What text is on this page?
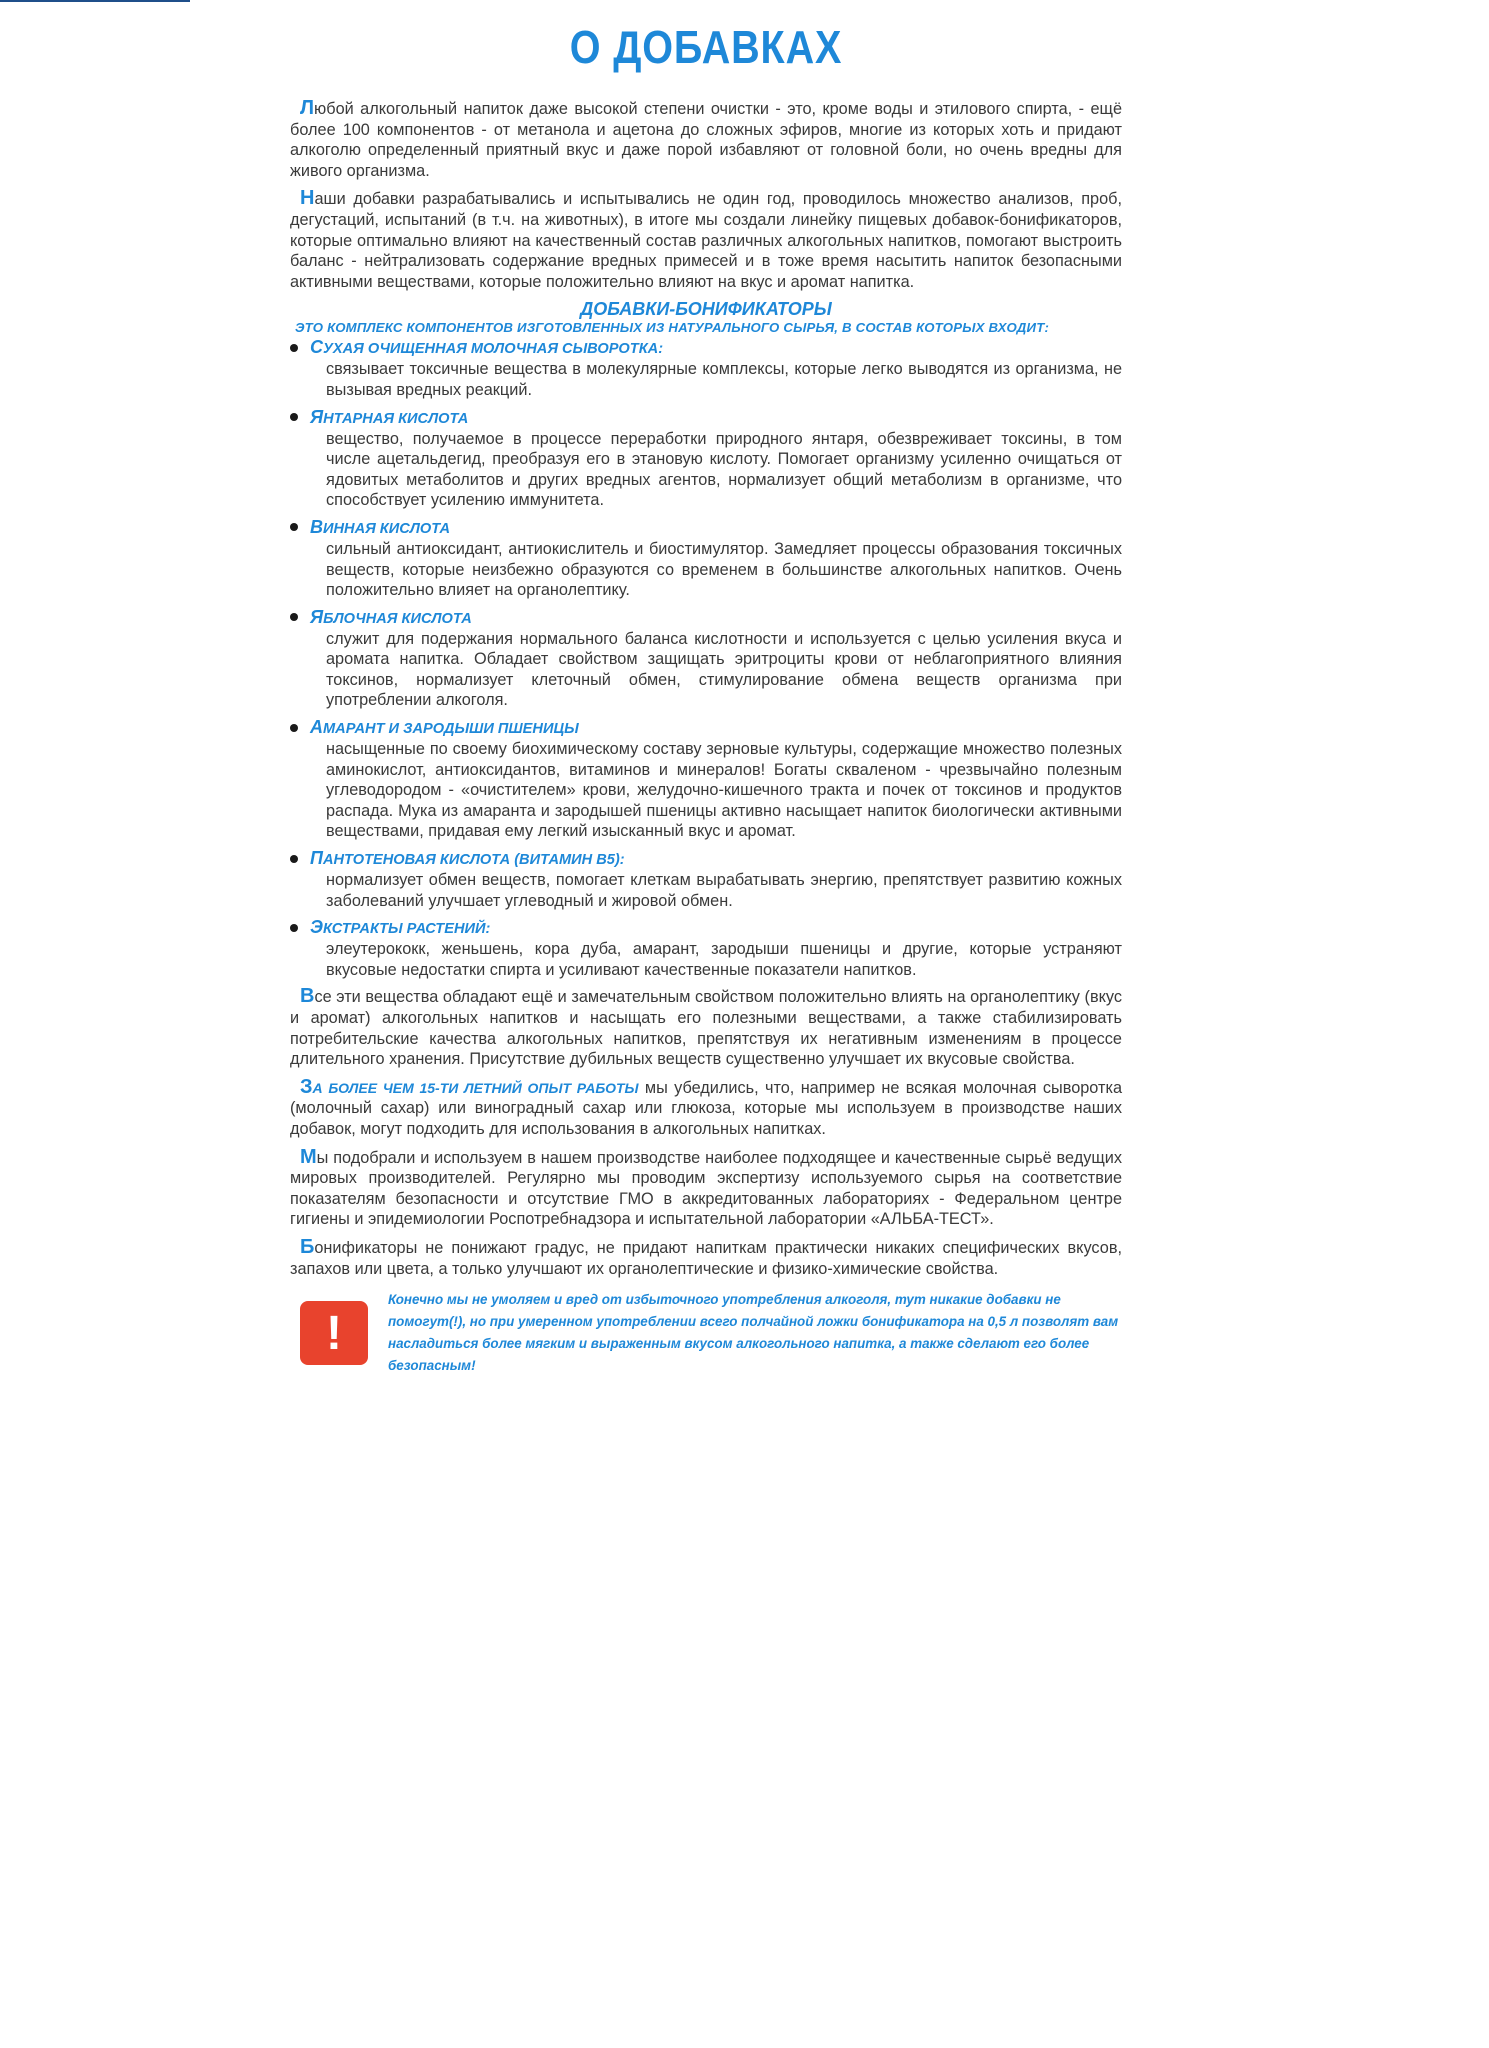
О ДОБАВКАХ

Любой алкогольный напиток даже высокой степени очистки - это, кроме воды и этилового спирта, - ещё более 100 компонентов - от метанола и ацетона до сложных эфиров, многие из которых хоть и придают алкоголю определенный приятный вкус и даже порой избавляют от головной боли, но очень вредны для живого организма.

Наши добавки разрабатывались и испытывались не один год, проводилось множество анализов, проб, дегустаций, испытаний (в т.ч. на животных), в итоге мы создали линейку пищевых добавок-бонификаторов, которые оптимально влияют на качественный состав различных алкогольных напитков, помогают выстроить баланс - нейтрализовать содержание вредных примесей и в тоже время насытить напиток безопасными активными веществами, которые положительно влияют на вкус и аромат напитка.

ДОБАВКИ-БОНИФИКАТОРЫ
ЭТО КОМПЛЕКС КОМПОНЕНТОВ ИЗГОТОВЛЕННЫХ ИЗ НАТУРАЛЬНОГО СЫРЬЯ, В СОСТАВ КОТОРЫХ ВХОДИТ:
СУХАЯ ОЧИЩЕННАЯ МОЛОЧНАЯ СЫВОРОТКА:
связывает токсичные вещества в молекулярные комплексы, которые легко выводятся из организма, не вызывая вредных реакций.
ЯНТАРНАЯ КИСЛОТА
вещество, получаемое в процессе переработки природного янтаря, обезвреживает токсины, в том числе ацетальдегид, преобразуя его в этановую кислоту. Помогает организму усиленно очищаться от ядовитых метаболитов и других вредных агентов, нормализует общий метаболизм в организме, что способствует усилению иммунитета.
ВИННАЯ КИСЛОТА
сильный антиоксидант, антиокислитель и биостимулятор. Замедляет процессы образования токсичных веществ, которые неизбежно образуются со временем в большинстве алкогольных напитков. Очень положительно влияет на органолептику.
ЯБЛОЧНАЯ КИСЛОТА
служит для подержания нормального баланса кислотности и используется с целью усиления вкуса и аромата напитка. Обладает свойством защищать эритроциты крови от неблагоприятного влияния токсинов, нормализует клеточный обмен, стимулирование обмена веществ организма при употреблении алкоголя.
АМАРАНТ И ЗАРОДЫШИ ПШЕНИЦЫ
насыщенные по своему биохимическому составу зерновые культуры, содержащие множество полезных аминокислот, антиоксидантов, витаминов и минералов! Богаты скваленом - чрезвычайно полезным углеводородом - «очистителем» крови, желудочно-кишечного тракта и почек от токсинов и продуктов распада. Мука из амаранта и зародышей пшеницы активно насыщает напиток биологически активными веществами, придавая ему легкий изысканный вкус и аромат.
ПАНТОТЕНОВАЯ КИСЛОТА (ВИТАМИН В5):
нормализует обмен веществ, помогает клеткам вырабатывать энергию, препятствует развитию кожных заболеваний улучшает углеводный и жировой обмен.
ЭКСТРАКТЫ РАСТЕНИЙ:
элеутерококк, женьшень, кора дуба, амарант, зародыши пшеницы и другие, которые устраняют вкусовые недостатки спирта и усиливают качественные показатели напитков.

Все эти вещества обладают ещё и замечательным свойством положительно влиять на органолептику (вкус и аромат) алкогольных напитков и насыщать его полезными веществами, а также стабилизировать потребительские качества алкогольных напитков, препятствуя их негативным изменениям в процессе длительного хранения. Присутствие дубильных веществ существенно улучшает их вкусовые свойства.

ЗА БОЛЕЕ ЧЕМ 15-ТИ ЛЕТНИЙ ОПЫТ РАБОТЫ мы убедились, что, например не всякая молочная сыворотка (молочный сахар) или виноградный сахар или глюкоза, которые мы используем в производстве наших добавок, могут подходить для использования в алкогольных напитках.

Мы подобрали и используем в нашем производстве наиболее подходящее и качественные сырьё ведущих мировых производителей. Регулярно мы проводим экспертизу используемого сырья на соответствие показателям безопасности и отсутствие ГМО в аккредитованных лабораториях - Федеральном центре гигиены и эпидемиологии Роспотребнадзора и испытательной лаборатории «АЛЬБА-ТЕСТ».

Бонификаторы не понижают градус, не придают напиткам практически никаких специфических вкусов, запахов или цвета, а только улучшают их органолептические и физико-химические свойства.

!
Конечно мы не умоляем и вред от избыточного употребления алкоголя, тут никакие добавки не помогут(!), но при умеренном употреблении всего полчайной ложки бонификатора на 0,5 л позволят вам насладиться более мягким и выраженным вкусом алкогольного напитка, а также сделают его более безопасным!
